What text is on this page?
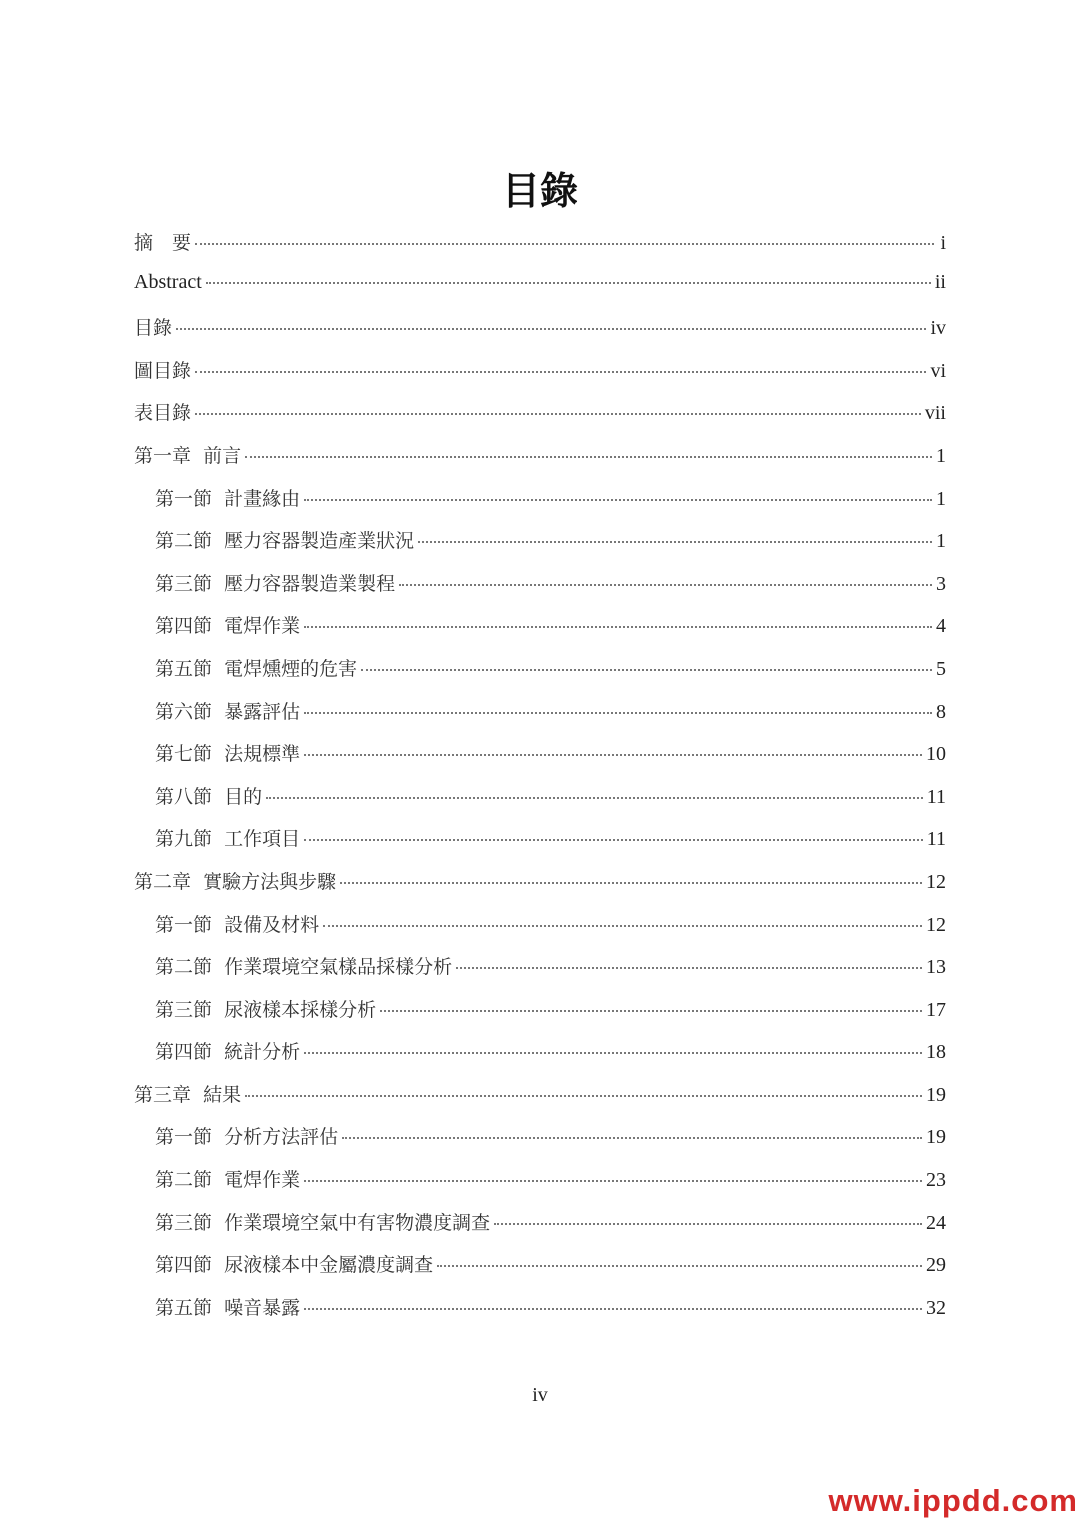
目錄
摘　要	i
Abstract	ii
目錄	iv
圖目錄	vi
表目錄	vii
第一章  前言	1
第一節  計畫緣由	1
第二節  壓力容器製造產業狀況	1
第三節  壓力容器製造業製程	3
第四節  電焊作業	4
第五節  電焊燻煙的危害	5
第六節  暴露評估	8
第七節  法規標準	10
第八節  目的	11
第九節  工作項目	11
第二章  實驗方法與步驟	12
第一節  設備及材料	12
第二節  作業環境空氣樣品採樣分析	13
第三節  尿液樣本採樣分析	17
第四節  統計分析	18
第三章  結果	19
第一節  分析方法評估	19
第二節  電焊作業	23
第三節  作業環境空氣中有害物濃度調查	24
第四節  尿液樣本中金屬濃度調查	29
第五節  噪音暴露	32
iv
www.ippdd.com
